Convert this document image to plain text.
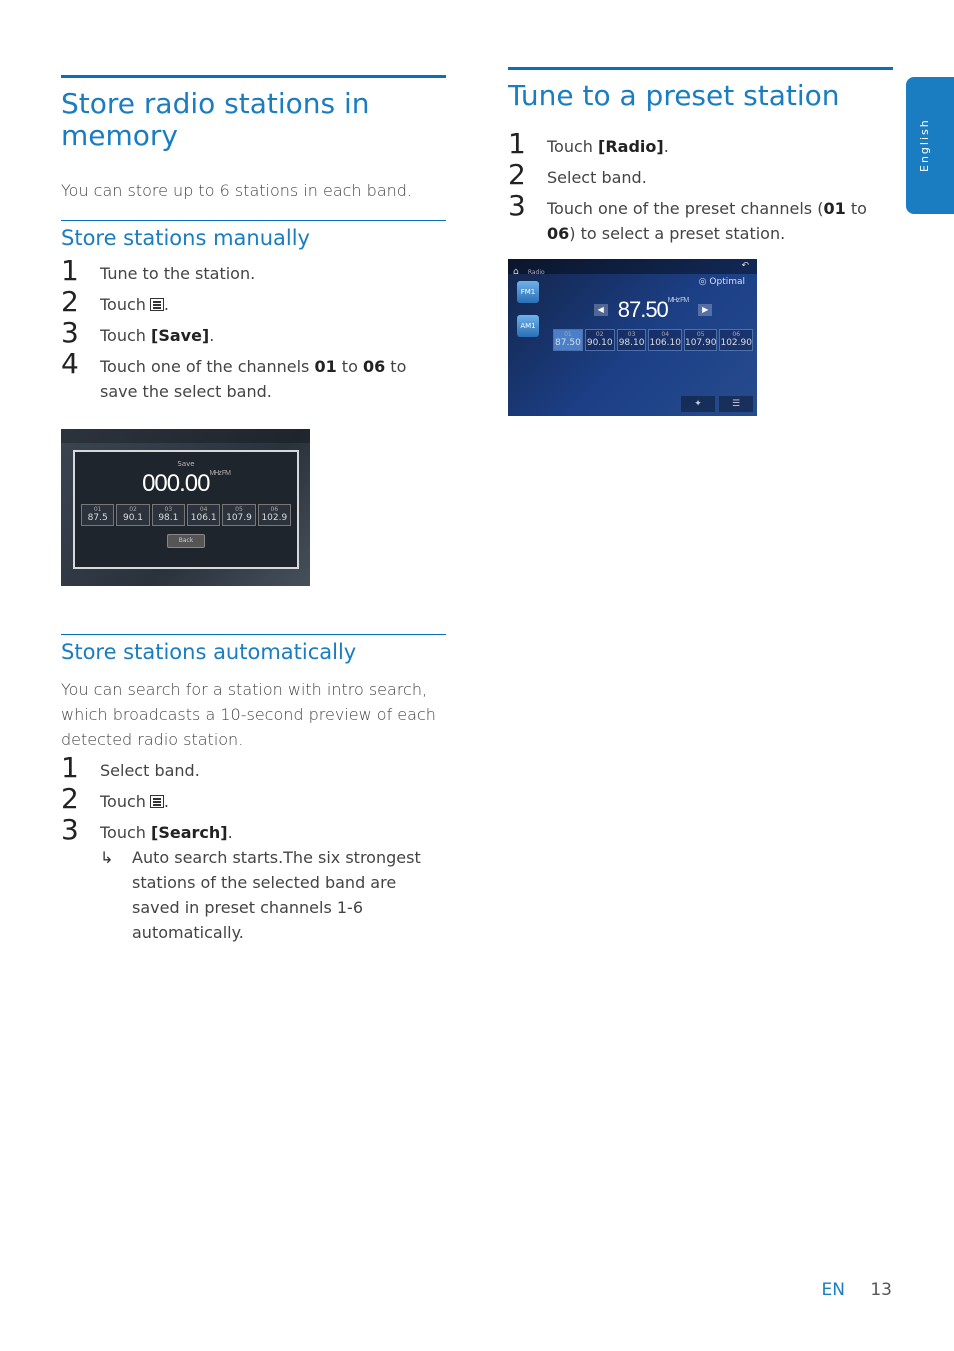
Store radio stations in memory

You can store up to 6 stations in each band.

Store stations manually
1 Tune to the station.
2 Touch .
3 Touch [Save].
4 Touch one of the channels 01 to 06 to save the select band.
Save
$000.00^{MHz FM}$
01
87.5
02
90.1
03
98.1
04
106.1
05
107.9
06
102.9
Back
Store stations automatically

You can search for a station with intro search, which broadcasts a 10-second preview of each detected radio station.

1 Select band.
2 Touch .
3 Touch [Search].
↳ Auto search starts.The six strongest stations of the selected band are saved in preset channels 1-6 automatically.
Tune to a preset station
1 Touch [Radio].
2 Select band.
3 Touch one of the preset channels (01 to 06) to select a preset station.
⌂ Radio
↶
FM1
AM1
◎ Optimal
◀ $87.50^{MHz FM}$
▶
01
87.50
02
90.10
03
98.10
04
106.10
05
107.90
06
102.90
✦	☰
English
EN 13
